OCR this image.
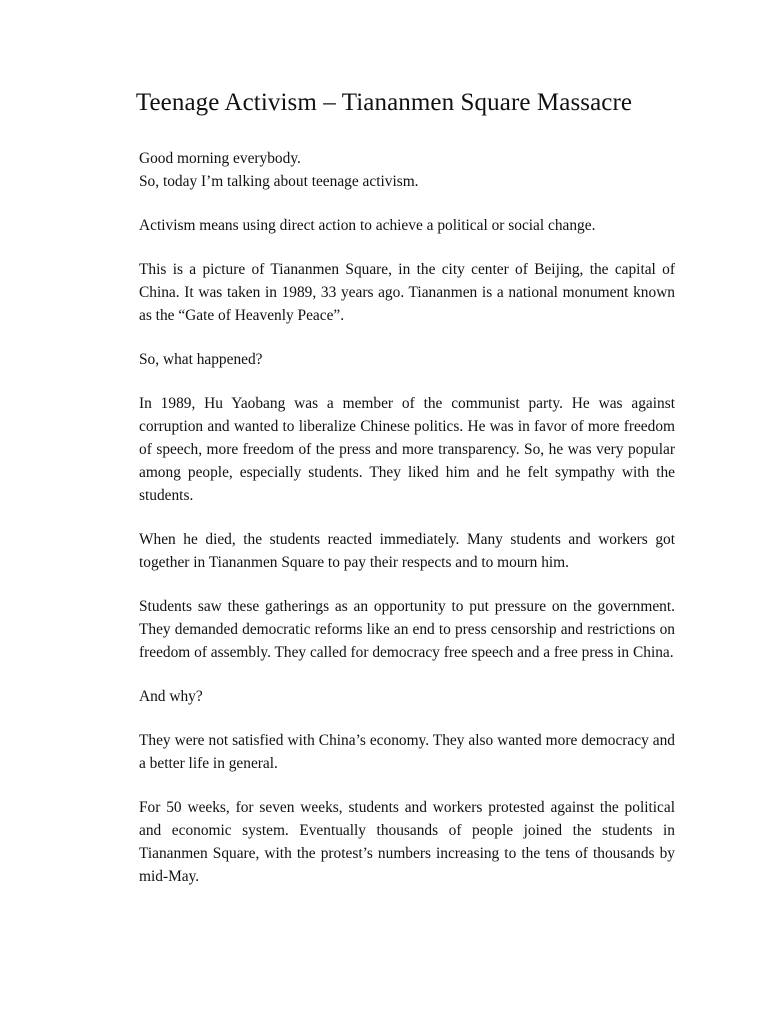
Teenage Activism – Tiananmen Square Massacre

Good morning everybody.

So, today I’m talking about teenage activism.

Activism means using direct action to achieve a political or social change.

This is a picture of Tiananmen Square, in the city center of Beijing, the capital of China. It was taken in 1989, 33 years ago. Tiananmen is a national monument known as the “Gate of Heavenly Peace”.

So, what happened?

In 1989, Hu Yaobang was a member of the communist party. He was against corruption and wanted to liberalize Chinese politics. He was in favor of more freedom of speech, more freedom of the press and more transparency. So, he was very popular among people, especially students. They liked him and he felt sympathy with the students.

When he died, the students reacted immediately. Many students and workers got together in Tiananmen Square to pay their respects and to mourn him.

Students saw these gatherings as an opportunity to put pressure on the government. They demanded democratic reforms like an end to press censorship and restrictions on freedom of assembly. They called for democracy free speech and a free press in China.

And why?

They were not satisfied with China’s economy. They also wanted more democracy and a better life in general.

For 50 weeks, for seven weeks, students and workers protested against the political and economic system. Eventually thousands of people joined the students in Tiananmen Square, with the protest’s numbers increasing to the tens of thousands by mid-May.
